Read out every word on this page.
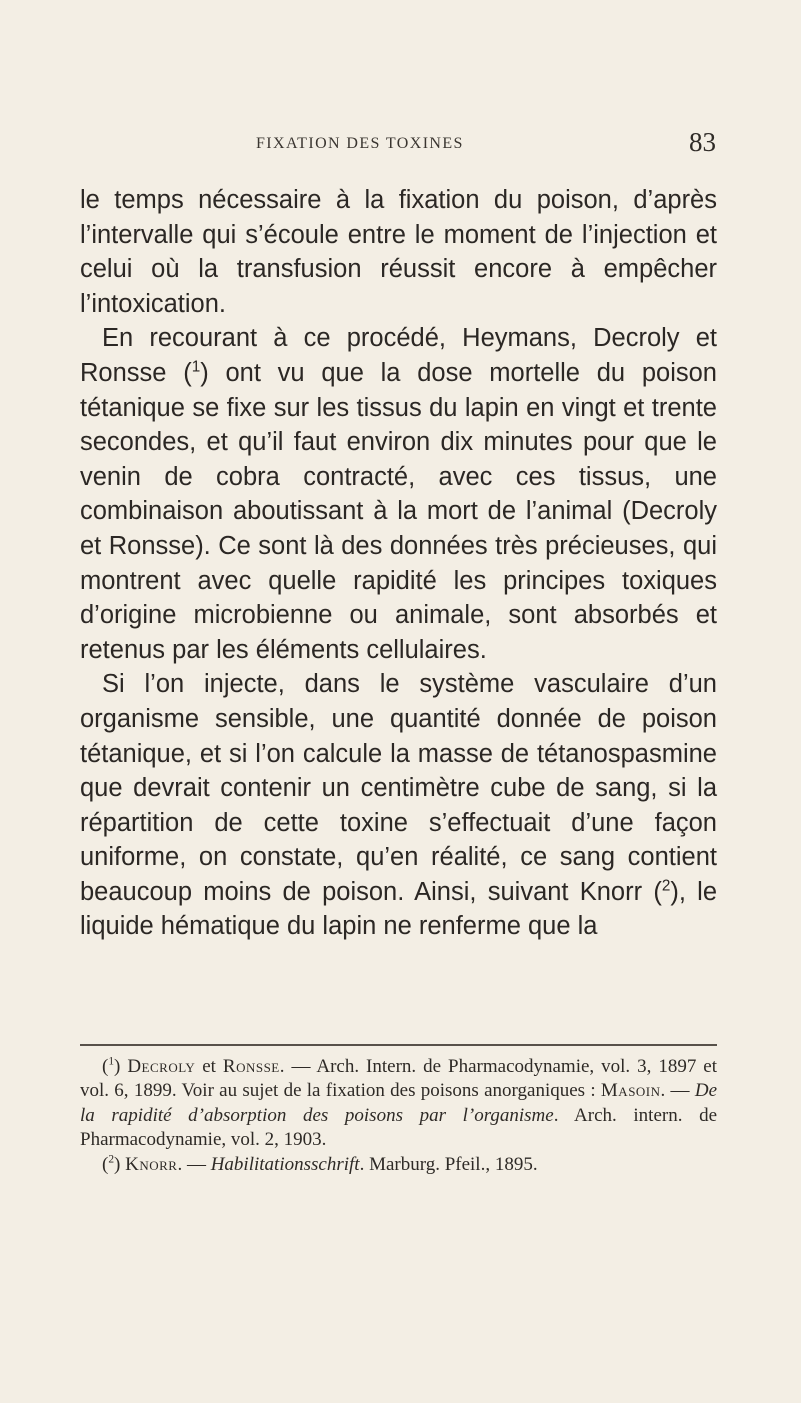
FIXATION DES TOXINES	83

le temps nécessaire à la fixation du poison, d’après l’intervalle qui s’écoule entre le moment de l’injection et celui où la transfusion réussit encore à empêcher l’intoxication.

En recourant à ce procédé, Heymans, Decroly et Ronsse ($^1$) ont vu que la dose mortelle du poison tétanique se fixe sur les tissus du lapin en vingt et trente secondes, et qu’il faut environ dix minutes pour que le venin de cobra contracté, avec ces tissus, une combinaison aboutissant à la mort de l’animal (Decroly et Ronsse). Ce sont là des données très précieuses, qui montrent avec quelle rapidité les principes toxiques d’origine microbienne ou animale, sont absorbés et retenus par les éléments cellulaires.

Si l’on injecte, dans le système vasculaire d’un organisme sensible, une quantité donnée de poison tétanique, et si l’on calcule la masse de tétanospasmine que devrait contenir un centimètre cube de sang, si la répartition de cette toxine s’effectuait d’une façon uniforme, on constate, qu’en réalité, ce sang contient beaucoup moins de poison. Ainsi, suivant Knorr ($^2$), le liquide hématique du lapin ne renferme que la

($^1$) Decroly et Ronsse. — Arch. Intern. de Pharmacodynamie, vol. 3, 1897 et vol. 6, 1899. Voir au sujet de la fixation des poisons anorganiques : Masoin. — De la rapidité d’absorption des poisons par l’organisme. Arch. intern. de Pharmacodynamie, vol. 2, 1903.

($^2$) Knorr. — Habilitationsschrift. Marburg. Pfeil., 1895.
